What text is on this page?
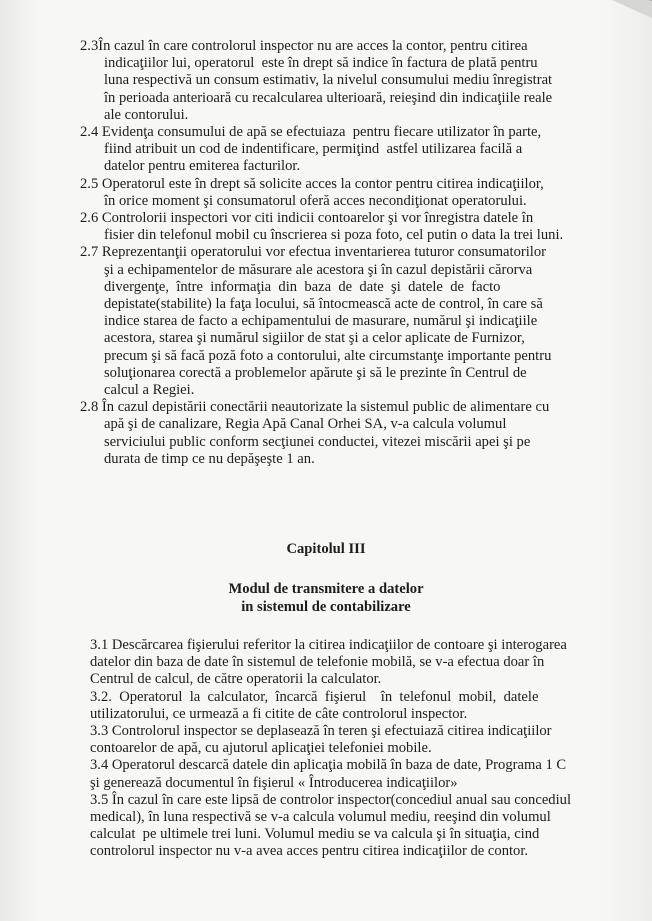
2.3În cazul în care controlorul inspector nu are acces la contor, pentru citirea
indicaţiilor lui, operatorul  este în drept să indice în factura de plată pentru
luna respectivă un consum estimativ, la nivelul consumului mediu înregistrat
în perioada anterioară cu recalcularea ulterioară, reieşind din indicaţiile reale
ale contorului.
2.4 Evidenţa consumului de apă se efectuiaza  pentru fiecare utilizator în parte,
fiind atribuit un cod de indentificare, permiţind  astfel utilizarea facilă a
datelor pentru emiterea facturilor.
2.5 Operatorul este în drept să solicite acces la contor pentru citirea indicaţiilor,
în orice moment şi consumatorul oferă acces necondiţionat operatorului.
2.6 Controlorii inspectori vor citi indicii contoarelor şi vor înregistra datele în
fisier din telefonul mobil cu înscrierea si poza foto, cel putin o data la trei luni.
2.7 Reprezentanţii operatorului vor efectua inventarierea tuturor consumatorilor
şi a echipamentelor de măsurare ale acestora şi în cazul depistării cărorva
divergenţe,  între  informaţia  din  baza  de  date  şi  datele  de  facto
depistate(stabilite) la faţa locului, să întocmească acte de control, în care să
indice starea de facto a echipamentului de masurare, numărul şi indicaţiile
acestora, starea şi numărul sigiilor de stat şi a celor aplicate de Furnizor,
precum şi să facă poză foto a contorului, alte circumstanţe importante pentru
soluţionarea corectă a problemelor apărute şi să le prezinte în Centrul de
calcul a Regiei.
2.8 În cazul depistării conectării neautorizate la sistemul public de alimentare cu
apă şi de canalizare, Regia Apă Canal Orhei SA, v-a calcula volumul
serviciului public conform secţiunei conductei, vitezei miscării apei şi pe
durata de timp ce nu depăşeşte 1 an.
Capitolul III
Modul de transmitere a datelor
in sistemul de contabilizare
3.1 Descărcarea fişierului referitor la citirea indicaţiilor de contoare şi interogarea
datelor din baza de date în sistemul de telefonie mobilă, se v-a efectua doar în
Centrul de calcul, de către operatorii la calculator.
3.2.  Operatorul  la  calculator,  încarcă  fişierul    în  telefonul  mobil,  datele
utilizatorului, ce urmează a fi citite de câte controlorul inspector.
3.3 Controlorul inspector se deplasează în teren şi efectuiază citirea indicaţiilor
contoarelor de apă, cu ajutorul aplicaţiei telefoniei mobile.
3.4 Operatorul descarcă datele din aplicaţia mobilă în baza de date, Programa 1 C
şi generează documentul în fişierul « Întroducerea indicaţiilor»
3.5 În cazul în care este lipsă de controlor inspector(concediul anual sau concediul
medical), în luna respectivă se v-a calcula volumul mediu, reeşind din volumul
calculat  pe ultimele trei luni. Volumul mediu se va calcula şi în situaţia, cind
controlorul inspector nu v-a avea acces pentru citirea indicaţiilor de contor.
